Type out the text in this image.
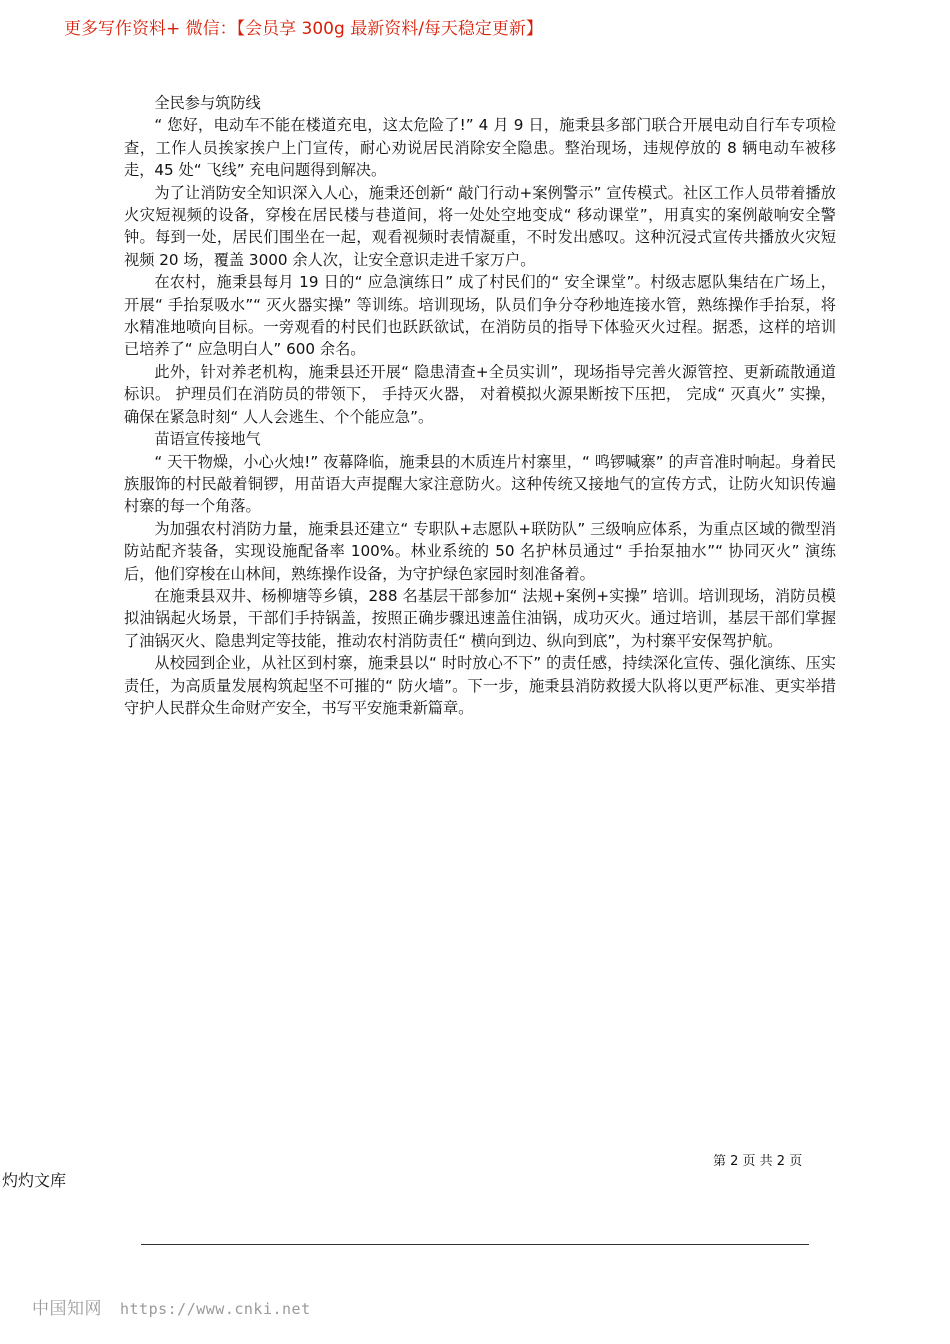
更多写作资料+ 微信：【会员享 300g 最新资料/每天稳定更新】

全民参与筑防线

“ 您好，电动车不能在楼道充电，这太危险了!” 4 月 9 日，施秉县多部门联合开展电动自行车专项检查，工作人员挨家挨户上门宣传，耐心劝说居民消除安全隐患。整治现场，违规停放的 8 辆电动车被移走，45 处“ 飞线” 充电问题得到解决。

为了让消防安全知识深入人心，施秉还创新“ 敲门行动+案例警示” 宣传模式。社区工作人员带着播放火灾短视频的设备，穿梭在居民楼与巷道间，将一处处空地变成“ 移动课堂”，用真实的案例敲响安全警钟。每到一处，居民们围坐在一起，观看视频时表情凝重，不时发出感叹。这种沉浸式宣传共播放火灾短视频 20 场，覆盖 3000 余人次，让安全意识走进千家万户。

在农村，施秉县每月 19 日的“ 应急演练日” 成了村民们的“ 安全课堂”。村级志愿队集结在广场上，开展“ 手抬泵吸水”“ 灭火器实操” 等训练。培训现场，队员们争分夺秒地连接水管，熟练操作手抬泵，将水精准地喷向目标。一旁观看的村民们也跃跃欲试，在消防员的指导下体验灭火过程。据悉，这样的培训已培养了“ 应急明白人” 600 余名。

此外，针对养老机构，施秉县还开展“ 隐患清查+全员实训”，现场指导完善火源管控、更新疏散通道标识。 护理员们在消防员的带领下， 手持灭火器， 对着模拟火源果断按下压把， 完成“ 灭真火” 实操，确保在紧急时刻“ 人人会逃生、个个能应急”。

苗语宣传接地气

“ 天干物燥，小心火烛!” 夜幕降临，施秉县的木质连片村寨里，“ 鸣锣喊寨” 的声音准时响起。身着民族服饰的村民敲着铜锣，用苗语大声提醒大家注意防火。这种传统又接地气的宣传方式，让防火知识传遍村寨的每一个角落。

为加强农村消防力量，施秉县还建立“ 专职队+志愿队+联防队” 三级响应体系，为重点区域的微型消防站配齐装备，实现设施配备率 100%。林业系统的 50 名护林员通过“ 手抬泵抽水”“ 协同灭火” 演练后，他们穿梭在山林间，熟练操作设备，为守护绿色家园时刻准备着。

在施秉县双井、杨柳塘等乡镇，288 名基层干部参加“ 法规+案例+实操” 培训。培训现场，消防员模拟油锅起火场景，干部们手持锅盖，按照正确步骤迅速盖住油锅，成功灭火。通过培训，基层干部们掌握了油锅灭火、隐患判定等技能，推动农村消防责任“ 横向到边、纵向到底”，为村寨平安保驾护航。

从校园到企业，从社区到村寨，施秉县以“ 时时放心不下” 的责任感，持续深化宣传、强化演练、压实责任，为高质量发展构筑起坚不可摧的“ 防火墙”。下一步，施秉县消防救援大队将以更严标准、更实举措守护人民群众生命财产安全，书写平安施秉新篇章。

第 2 页 共 2 页
灼灼文库
中国知网 https://www.cnki.net
